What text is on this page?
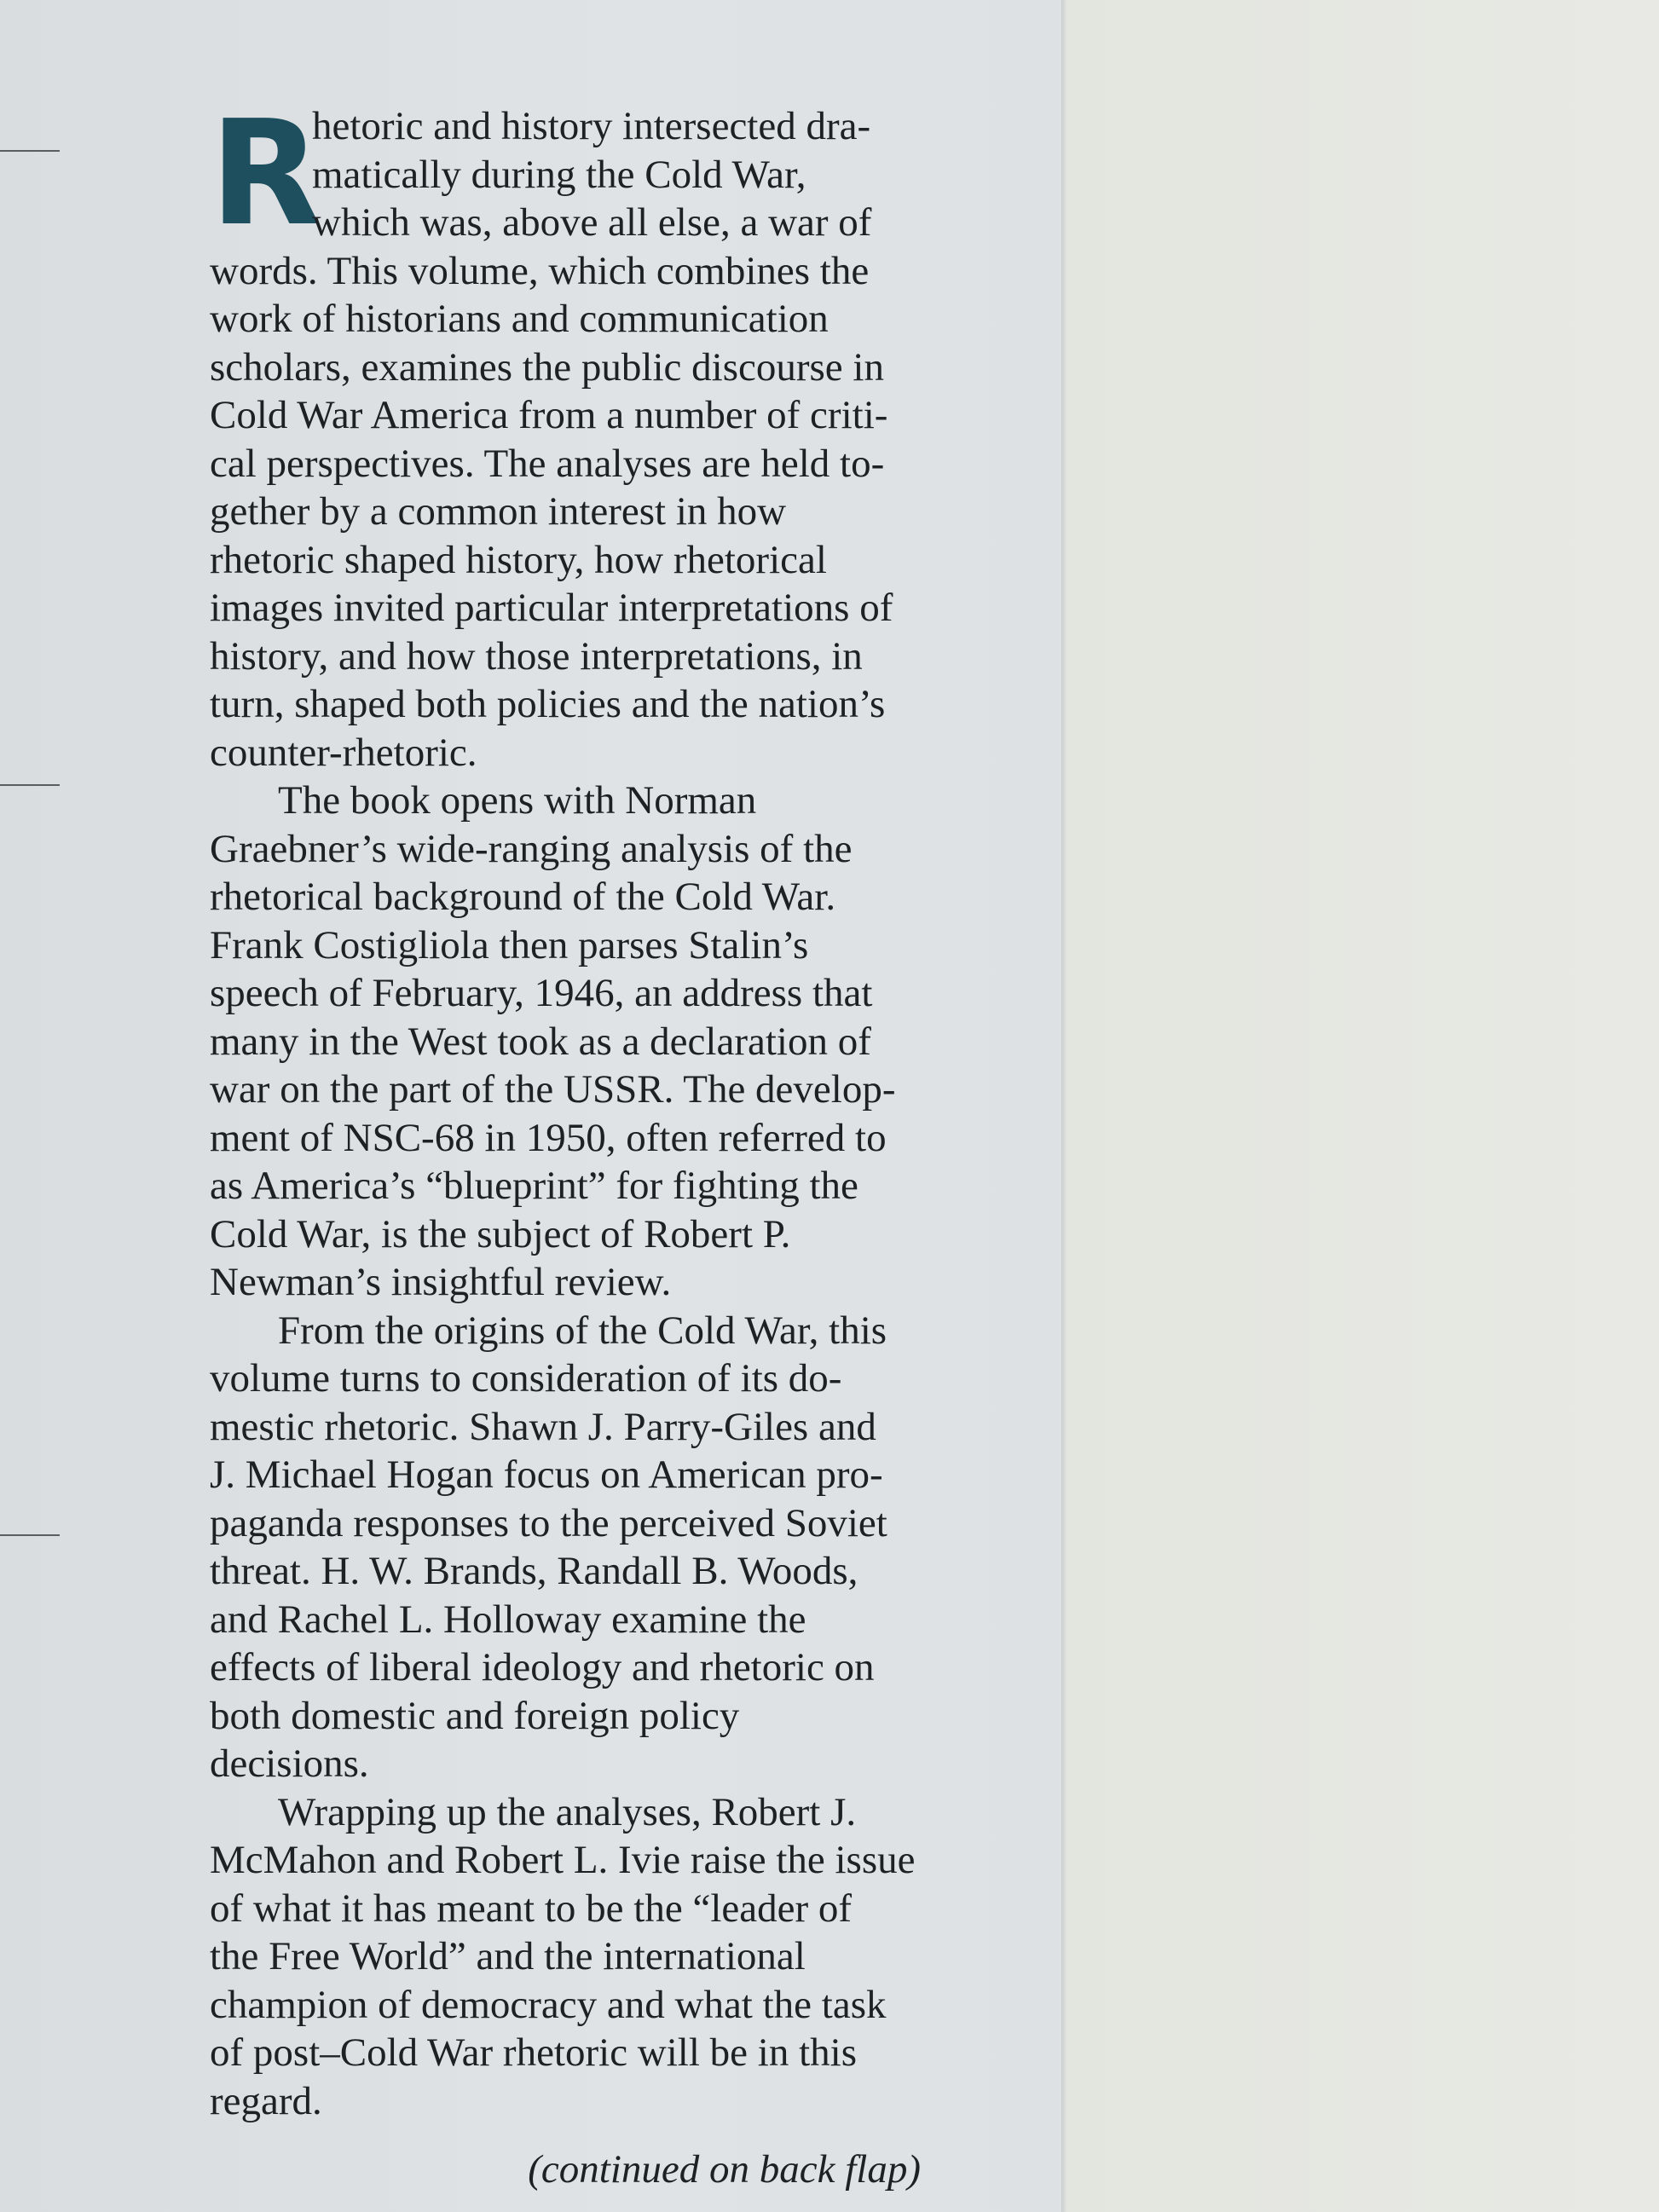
R
hetoric and history intersected dra-
matically during the Cold War,
which was, above all else, a war of
words. This volume, which combines the
work of historians and communication
scholars, examines the public discourse in
Cold War America from a number of criti-
cal perspectives. The analyses are held to-
gether by a common interest in how
rhetoric shaped history, how rhetorical
images invited particular interpretations of
history, and how those interpretations, in
turn, shaped both policies and the nation’s
counter-rhetoric.
The book opens with Norman
Graebner’s wide-ranging analysis of the
rhetorical background of the Cold War.
Frank Costigliola then parses Stalin’s
speech of February, 1946, an address that
many in the West took as a declaration of
war on the part of the USSR. The develop-
ment of NSC-68 in 1950, often referred to
as America’s “blueprint” for fighting the
Cold War, is the subject of Robert P.
Newman’s insightful review.
From the origins of the Cold War, this
volume turns to consideration of its do-
mestic rhetoric. Shawn J. Parry-Giles and
J. Michael Hogan focus on American pro-
paganda responses to the perceived Soviet
threat. H. W. Brands, Randall B. Woods,
and Rachel L. Holloway examine the
effects of liberal ideology and rhetoric on
both domestic and foreign policy
decisions.
Wrapping up the analyses, Robert J.
McMahon and Robert L. Ivie raise the issue
of what it has meant to be the “leader of
the Free World” and the international
champion of democracy and what the task
of post–Cold War rhetoric will be in this
regard.
(continued on back flap)
